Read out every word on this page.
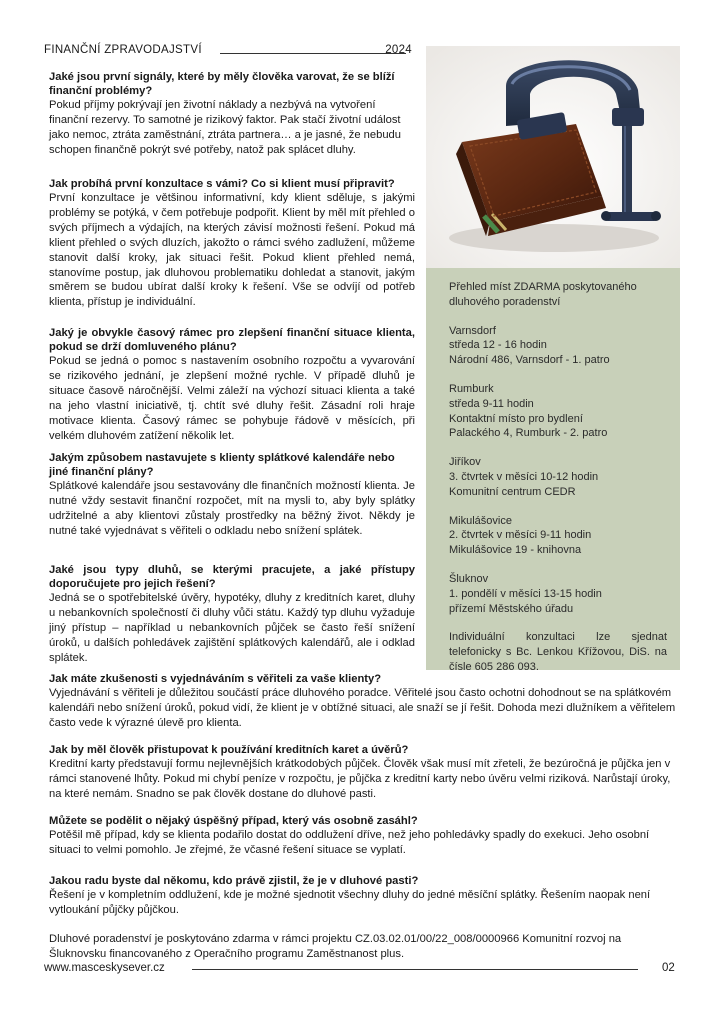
FINANČNÍ ZPRAVODAJSTVÍ	2024

Jaké jsou první signály, které by měly člověka varovat, že se blíží finanční problémy?

Pokud příjmy pokrývají jen životní náklady a nezbývá na vytvoření finanční rezervy. To samotné je rizikový faktor. Pak stačí životní událost jako nemoc, ztráta zaměstnání, ztráta partnera… a je jasné, že nebudu schopen finančně pokrýt své potřeby, natož pak splácet dluhy.

Jak probíhá první konzultace s vámi? Co si klient musí připravit?

První konzultace je většinou informativní, kdy klient sděluje, s jakými problémy se potýká, v čem potřebuje podpořit. Klient by měl mít přehled o svých příjmech a výdajích, na kterých závisí možnosti řešení. Pokud má klient přehled o svých dluzích, jakožto o rámci svého zadlužení, můžeme stanovit další kroky, jak situaci řešit. Pokud klient přehled nemá, stanovíme postup, jak dluhovou problematiku dohledat a stanovit, jakým směrem se budou ubírat další kroky k řešení. Vše se odvíjí od potřeb klienta, přístup je individuální.

Jaký je obvykle časový rámec pro zlepšení finanční situace klienta, pokud se drží domluveného plánu?

Pokud se jedná o pomoc s nastavením osobního rozpočtu a vyvarování se rizikového jednání, je zlepšení možné rychle. V případě dluhů je situace časově náročnější. Velmi záleží na výchozí situaci klienta a také na jeho vlastní iniciativě, tj. chtít své dluhy řešit. Zásadní roli hraje motivace klienta. Časový rámec se pohybuje řádově v měsících, při velkém dluhovém zatížení několik let.

Jakým způsobem nastavujete s klienty splátkové kalendáře nebo jiné finanční plány?

Splátkové kalendáře jsou sestavovány dle finančních možností klienta. Je nutné vždy sestavit finanční rozpočet, mít na mysli to, aby byly splátky udržitelné a aby klientovi zůstaly prostředky na běžný život. Někdy je nutné také vyjednávat s věřiteli o odkladu nebo snížení splátek.

Jaké jsou typy dluhů, se kterými pracujete, a jaké přístupy doporučujete pro jejich řešení?

Jedná se o spotřebitelské úvěry, hypotéky, dluhy z kreditních karet, dluhy u nebankovních společností či dluhy vůči státu. Každý typ dluhu vyžaduje jiný přístup – například u nebankovních půjček se často řeší snížení úroků, u dalších pohledávek zajištění splátkových kalendářů, ale i odklad splátek.

Přehled míst ZDARMA poskytovaného dluhového poradenství

Varnsdorf

středa 12 - 16 hodin

Národní 486, Varnsdorf - 1. patro

Rumburk

středa 9-11 hodin

Kontaktní místo pro bydlení

Palackého 4, Rumburk - 2. patro

Jiříkov

3. čtvrtek v měsíci 10-12 hodin

Komunitní centrum CEDR

Mikulášovice

2. čtvrtek v měsíci 9-11 hodin

Mikulášovice 19 - knihovna

Šluknov

1. pondělí v měsíci 13-15 hodin

přízemí Městského úřadu

Individuální konzultaci lze sjednat telefonicky s Bc. Lenkou Křížovou, DiS. na čísle 605 286 093.

Jak máte zkušenosti s vyjednáváním s věřiteli za vaše klienty?

Vyjednávání s věřiteli je důležitou součástí práce dluhového poradce. Věřitelé jsou často ochotni dohodnout se na splátkovém kalendáři nebo snížení úroků, pokud vidí, že klient je v obtížné situaci, ale snaží se jí řešit. Dohoda mezi dlužníkem a věřitelem často vede k výrazné úlevě pro klienta.

Jak by měl člověk přistupovat k používání kreditních karet a úvěrů?

Kreditní karty představují formu nejlevnějších krátkodobých půjček. Člověk však musí mít zřeteli, že bezúročná je půjčka jen v rámci stanovené lhůty. Pokud mi chybí peníze v rozpočtu, je půjčka z kreditní karty nebo úvěru velmi riziková. Narůstají úroky, na které nemám. Snadno se pak člověk dostane do dluhové pasti.

Můžete se podělit o nějaký úspěšný případ, který vás osobně zasáhl?

Potěšil mě případ, kdy se klienta podařilo dostat do oddlužení dříve, než jeho pohledávky spadly do exekuci. Jeho osobní situaci to velmi pomohlo. Je zřejmé, že včasné řešení situace se vyplatí.

Jakou radu byste dal někomu, kdo právě zjistil, že je v dluhové pasti?

Řešení je v kompletním oddlužení, kde je možné sjednotit všechny dluhy do jedné měsíční splátky. Řešením naopak není vytloukání půjčky půjčkou.

Dluhové poradenství je poskytováno zdarma v rámci projektu CZ.03.02.01/00/22_008/0000966 Komunitní rozvoj na Šluknovsku financovaného z Operačního programu Zaměstnanost plus.

www.masceskysever.cz	02
